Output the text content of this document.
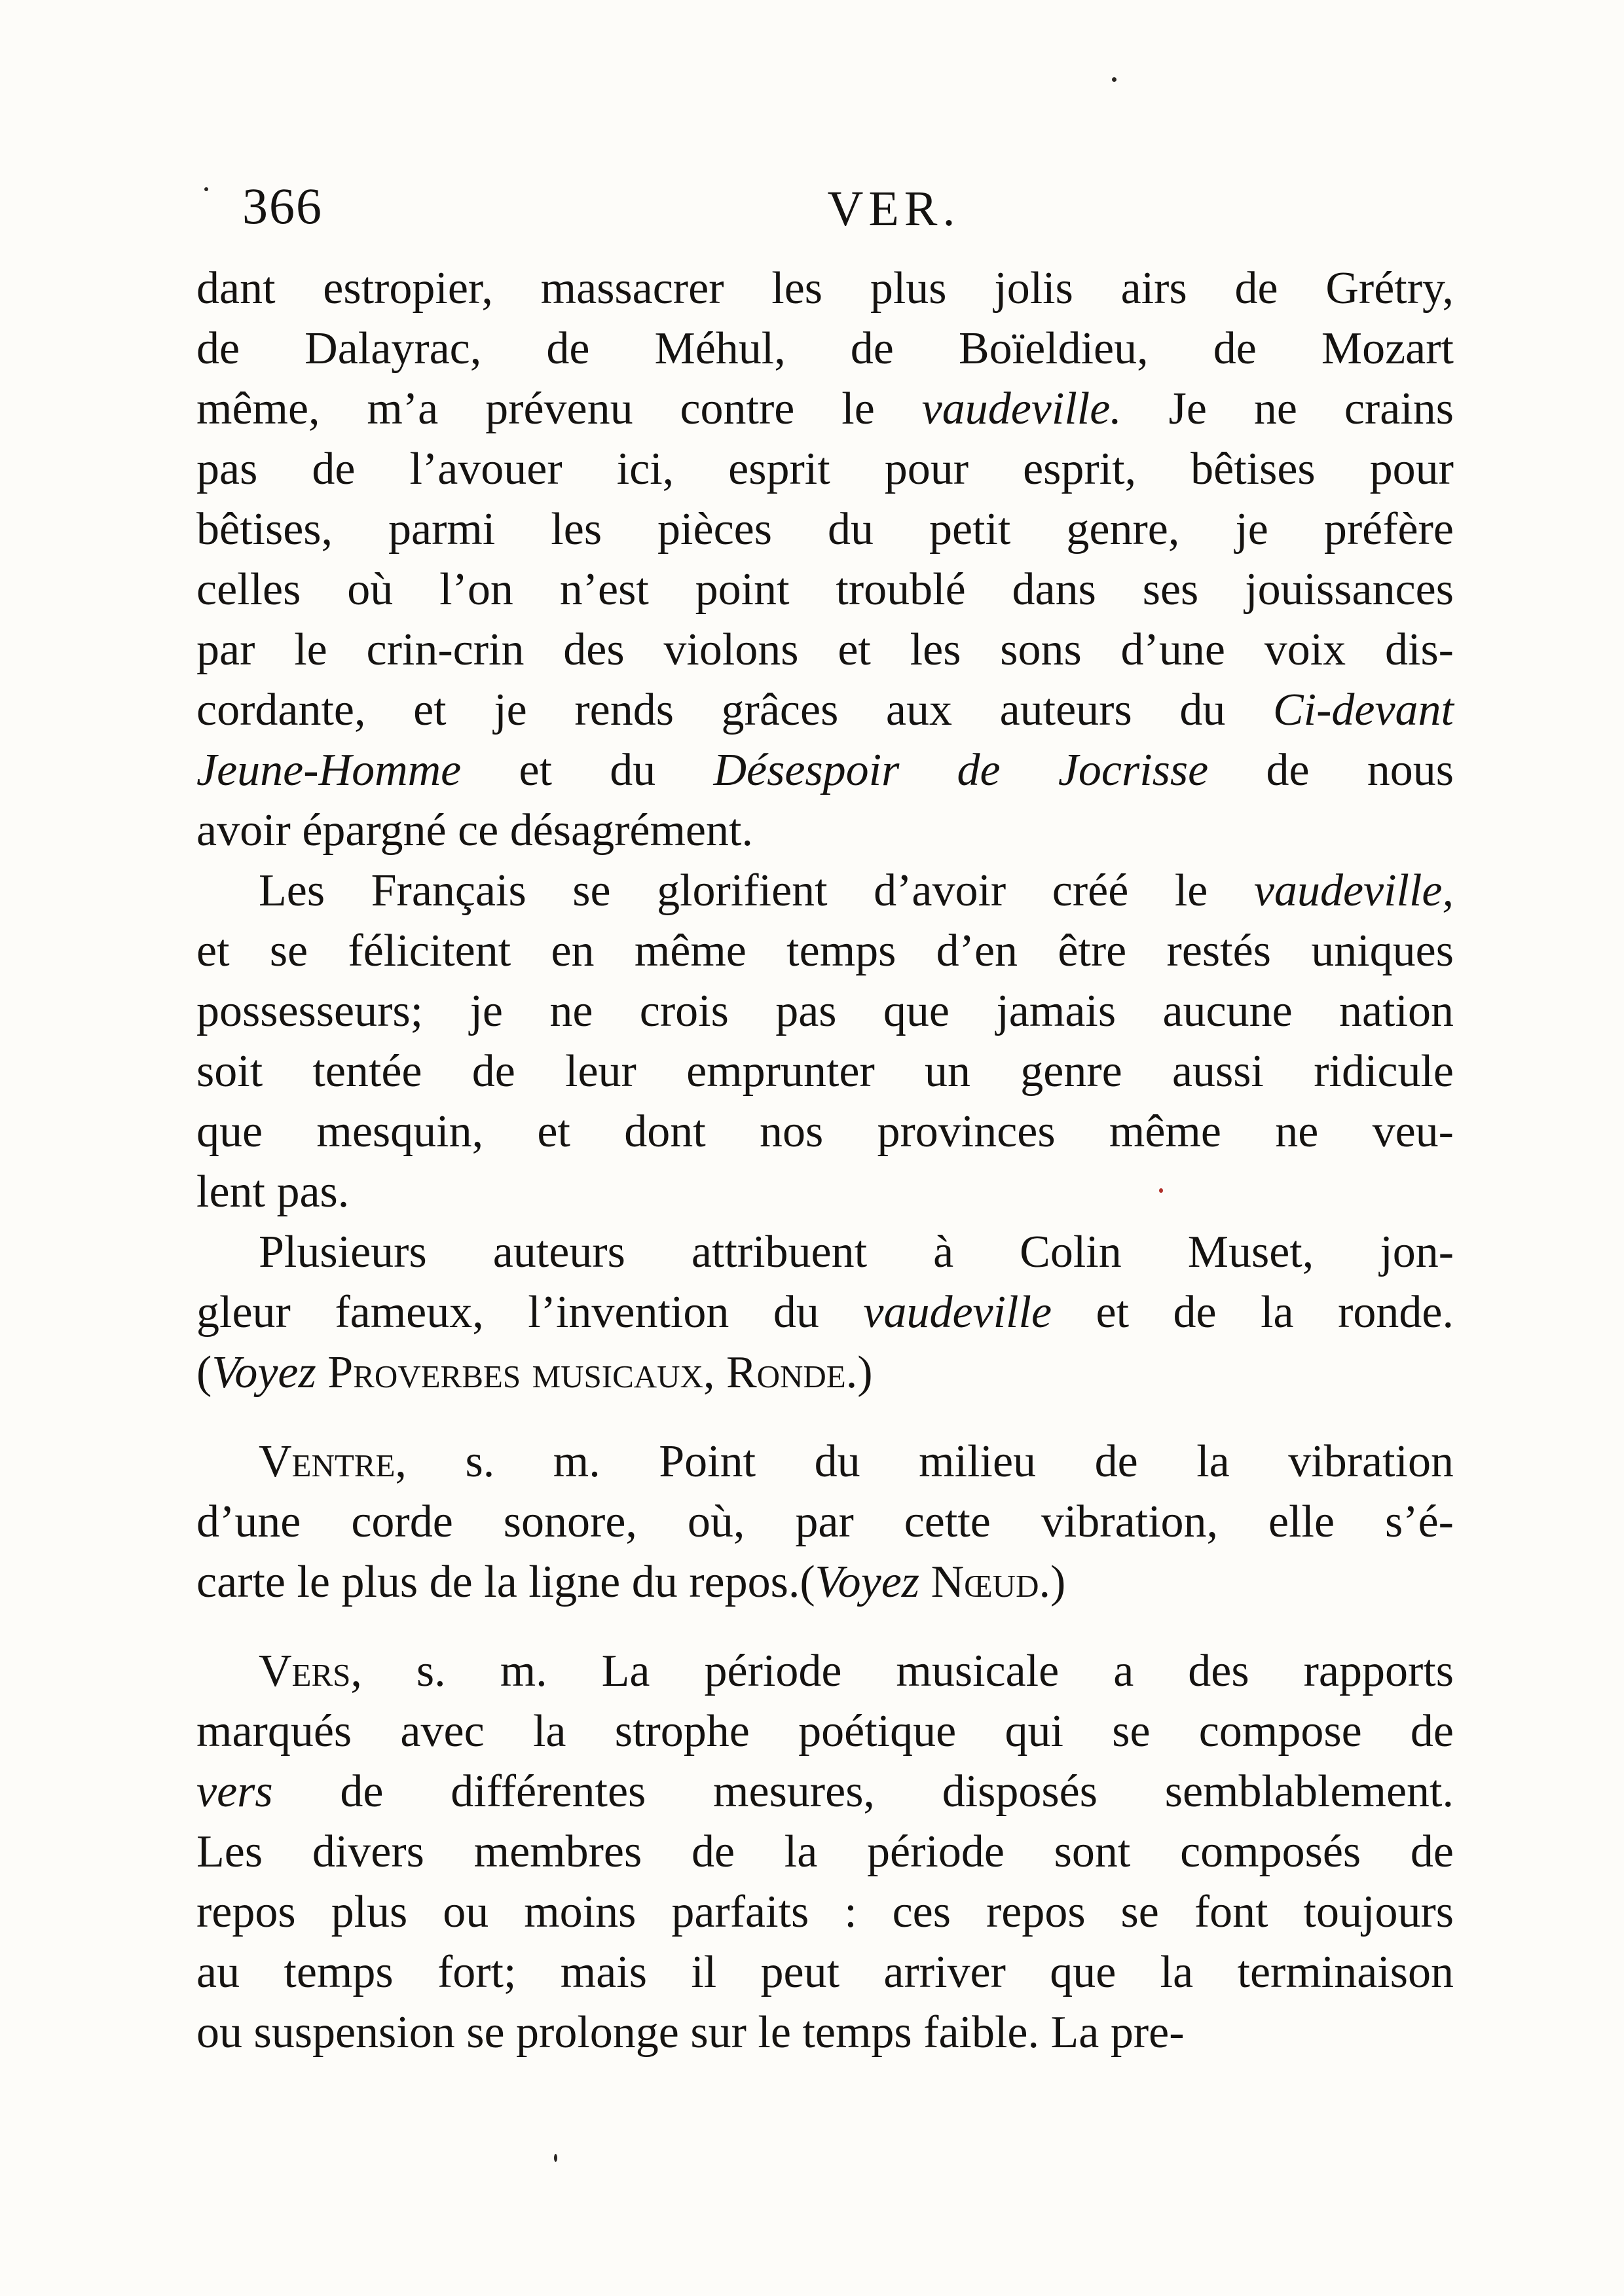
366	VER.
dant estropier, massacrer les plus jolis airs de Grétry,
de Dalayrac, de Méhul, de Boïeldieu, de Mozart
même, m’a prévenu contre le vaudeville. Je ne crains
pas de l’avouer ici, esprit pour esprit, bêtises pour
bêtises, parmi les pièces du petit genre, je préfère
celles où l’on n’est point troublé dans ses jouissances
par le crin-crin des violons et les sons d’une voix dis-
cordante, et je rends grâces aux auteurs du Ci-devant
Jeune-Homme et du Désespoir de Jocrisse de nous
avoir épargné ce désagrément.
Les Français se glorifient d’avoir créé le vaudeville,
et se félicitent en même temps d’en être restés uniques
possesseurs; je ne crois pas que jamais aucune nation
soit tentée de leur emprunter un genre aussi ridicule
que mesquin, et dont nos provinces même ne veu-
lent pas.
Plusieurs auteurs attribuent à Colin Muset, jon-
gleur fameux, l’invention du vaudeville et de la ronde.
(Voyez Proverbes musicaux, Ronde.)
Ventre, s. m. Point du milieu de la vibration
d’une corde sonore, où, par cette vibration, elle s’é-
carte le plus de la ligne du repos.(Voyez Nœud.)
Vers, s. m. La période musicale a des rapports
marqués avec la strophe poétique qui se compose de
vers de différentes mesures, disposés semblablement.
Les divers membres de la période sont composés de
repos plus ou moins parfaits : ces repos se font toujours
au temps fort; mais il peut arriver que la terminaison
ou suspension se prolonge sur le temps faible. La pre-
